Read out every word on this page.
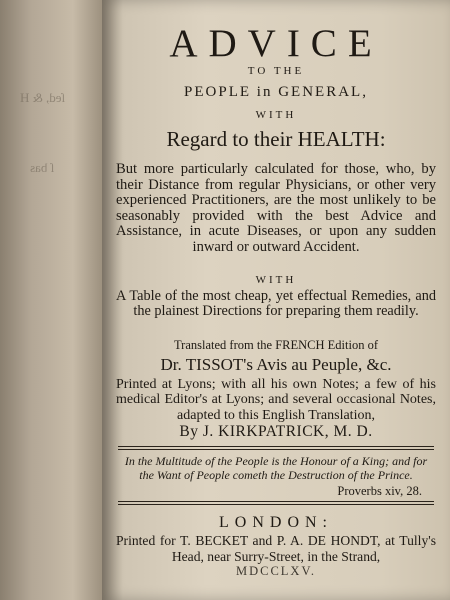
ſed, & H
ſ bas
ADVICE
TO THE
PEOPLE in GENERAL,
WITH
Regard to their HEALTH:
But more particularly calculated for those, who, by their Distance from regular Physicians, or other very experienced Practitioners, are the most unlikely to be seasonably provided with the best Advice and Assistance, in acute Diseases, or upon any sudden inward or outward Accident.
WITH
A Table of the most cheap, yet effectual Remedies, and the plainest Directions for preparing them readily.
Translated from the FRENCH Edition of
Dr. TISSOT's Avis au Peuple, &c.
Printed at Lyons; with all his own Notes; a few of his medical Editor's at Lyons; and several occasional Notes, adapted to this English Translation,
By J. KIRKPATRICK, M. D.
In the Multitude of the People is the Honour of a King; and for the Want of People cometh the Destruction of the Prince.
Proverbs xiv, 28.
LONDON:
Printed for T. BECKET and P. A. DE HONDT, at Tully's Head, near Surry-Street, in the Strand,
MDCCLXV.
